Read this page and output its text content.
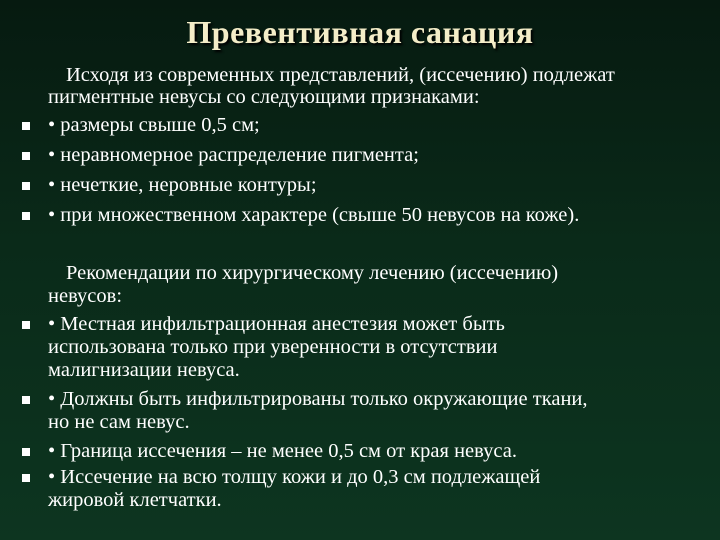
Превентивная санация
Исходя из современных представлений, (иссечению) подлежат
пигментные невусы со следующими признаками:
• размеры свыше 0,5 см;
• неравномерное распределение пигмента;
• нечеткие, неровные контуры;
• при множественном характере (свыше 50 невусов на коже).
Рекомендации по хирургическому лечению (иссечению)
невусов:
• Местная инфильтрационная анестезия может быть
использована только при уверенности в отсутствии
малигнизации невуса.
• Должны быть инфильтрированы только окружающие ткани,
но не сам невус.
• Граница иссечения – не менее 0,5 см от края невуса.
• Иссечение на всю толщу кожи и до 0,3 см подлежащей
жировой клетчатки.
